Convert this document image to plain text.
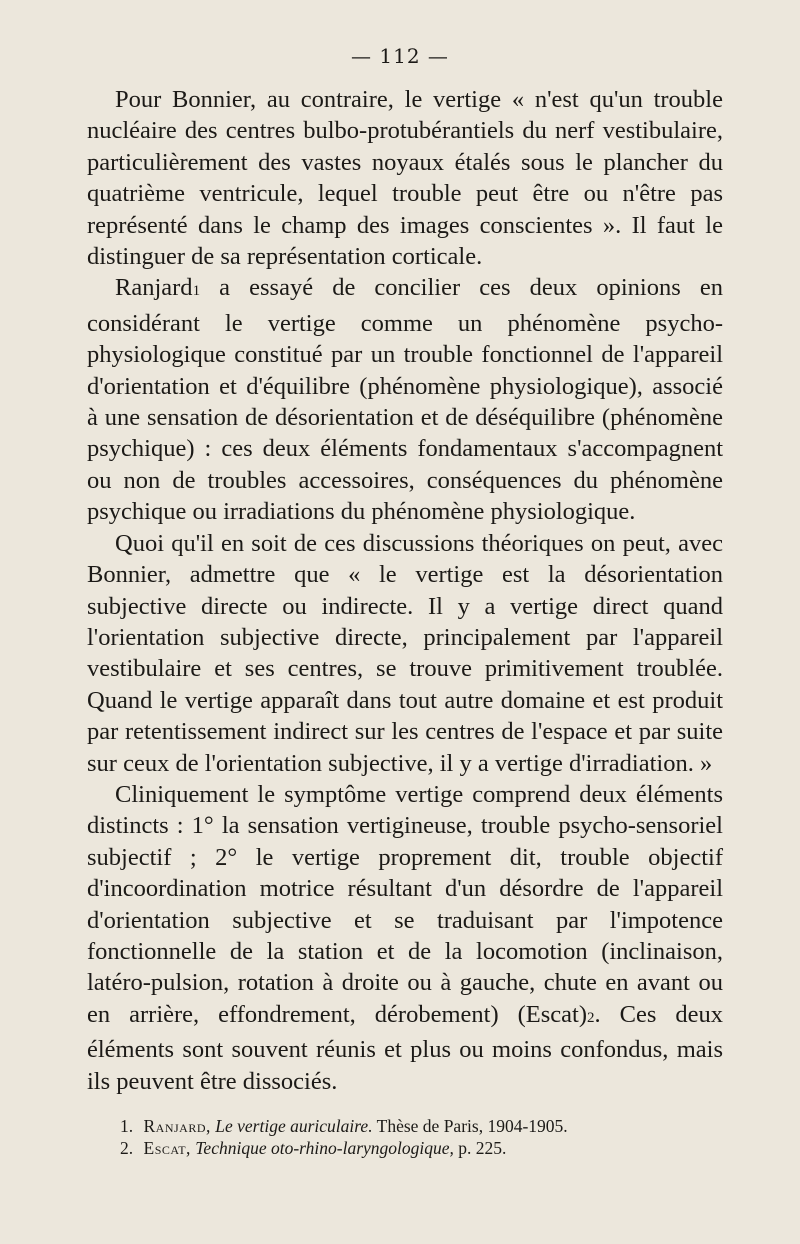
— 112 —

Pour Bonnier, au contraire, le vertige « n'est qu'un trouble nucléaire des centres bulbo-protubérantiels du nerf vestibulaire, particulièrement des vastes noyaux étalés sous le plancher du quatrième ventricule, lequel trouble peut être ou n'être pas représenté dans le champ des images conscientes ». Il faut le distinguer de sa représentation corticale.

Ranjard1 a essayé de concilier ces deux opinions en considérant le vertige comme un phénomène psycho-physiologique constitué par un trouble fonctionnel de l'appareil d'orientation et d'équilibre (phénomène physiologique), associé à une sensation de désorientation et de déséquilibre (phénomène psychique) : ces deux éléments fondamentaux s'accompagnent ou non de troubles accessoires, conséquences du phénomène psychique ou irradiations du phénomène physiologique.

Quoi qu'il en soit de ces discussions théoriques on peut, avec Bonnier, admettre que « le vertige est la désorientation subjective directe ou indirecte. Il y a vertige direct quand l'orientation subjective directe, principalement par l'appareil vestibulaire et ses centres, se trouve primitivement troublée. Quand le vertige apparaît dans tout autre domaine et est produit par retentissement indirect sur les centres de l'espace et par suite sur ceux de l'orientation subjective, il y a vertige d'irradiation. »

Cliniquement le symptôme vertige comprend deux éléments distincts : 1° la sensation vertigineuse, trouble psycho-sensoriel subjectif ; 2° le vertige proprement dit, trouble objectif d'incoordination motrice résultant d'un désordre de l'appareil d'orientation subjective et se traduisant par l'impotence fonctionnelle de la station et de la locomotion (inclinaison, latéro-pulsion, rotation à droite ou à gauche, chute en avant ou en arrière, effondrement, dérobement) (Escat)2. Ces deux éléments sont souvent réunis et plus ou moins confondus, mais ils peuvent être dissociés.

1. Ranjard, Le vertige auriculaire. Thèse de Paris, 1904-1905.

2. Escat, Technique oto-rhino-laryngologique, p. 225.
